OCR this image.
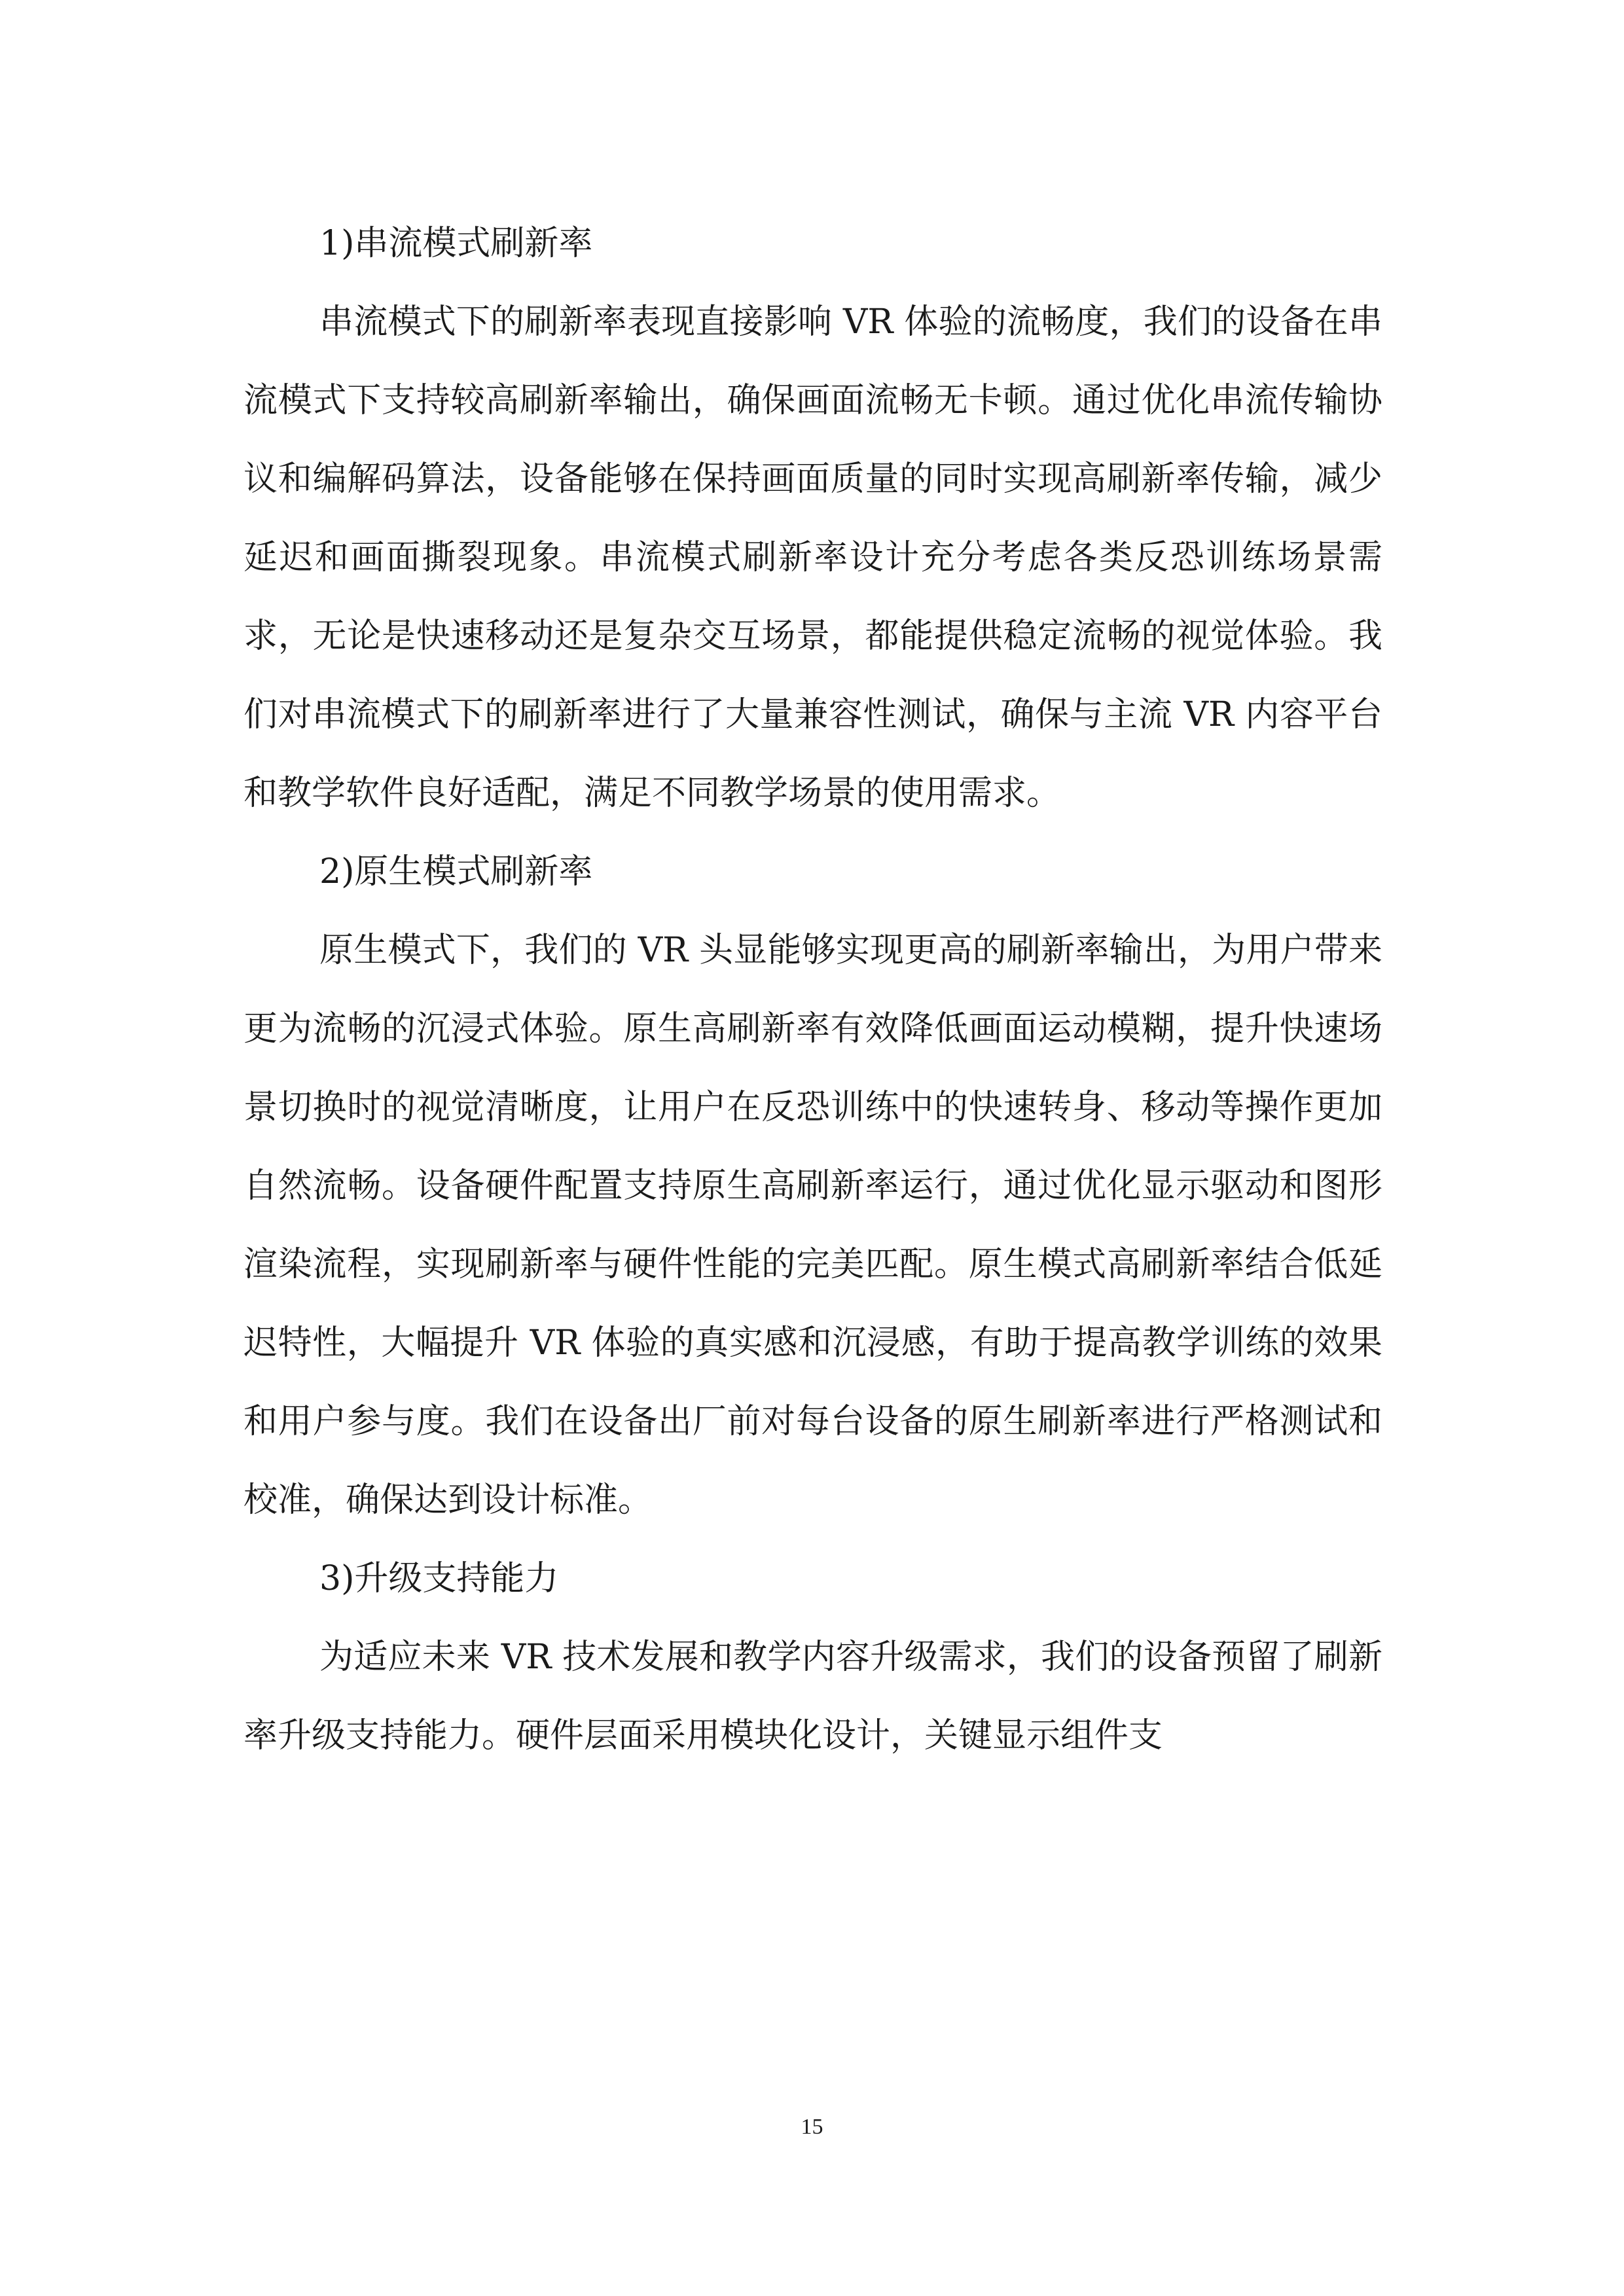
1)串流模式刷新率

串流模式下的刷新率表现直接影响 VR 体验的流畅度，我们的设备在串流模式下支持较高刷新率输出，确保画面流畅无卡顿。通过优化串流传输协议和编解码算法，设备能够在保持画面质量的同时实现高刷新率传输，减少延迟和画面撕裂现象。串流模式刷新率设计充分考虑各类反恐训练场景需求，无论是快速移动还是复杂交互场景，都能提供稳定流畅的视觉体验。我们对串流模式下的刷新率进行了大量兼容性测试，确保与主流 VR 内容平台和教学软件良好适配，满足不同教学场景的使用需求。

2)原生模式刷新率

原生模式下，我们的 VR 头显能够实现更高的刷新率输出，为用户带来更为流畅的沉浸式体验。原生高刷新率有效降低画面运动模糊，提升快速场景切换时的视觉清晰度，让用户在反恐训练中的快速转身、移动等操作更加自然流畅。设备硬件配置支持原生高刷新率运行，通过优化显示驱动和图形渲染流程，实现刷新率与硬件性能的完美匹配。原生模式高刷新率结合低延迟特性，大幅提升 VR 体验的真实感和沉浸感，有助于提高教学训练的效果和用户参与度。我们在设备出厂前对每台设备的原生刷新率进行严格测试和校准，确保达到设计标准。

3)升级支持能力

为适应未来 VR 技术发展和教学内容升级需求，我们的设备预留了刷新率升级支持能力。硬件层面采用模块化设计，关键显示组件支

15
